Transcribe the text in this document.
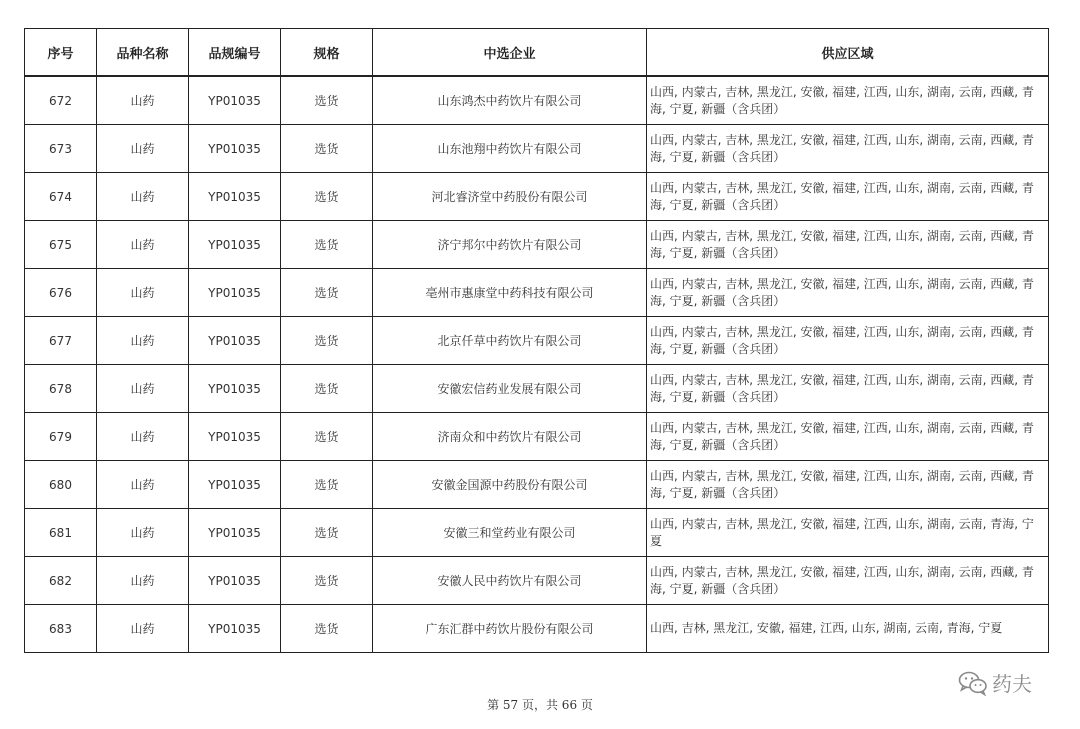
序号	品种名称	品规编号	规格	中选企业	供应区域
672	山药	YP01035	选货	山东鸿杰中药饮片有限公司	山西, 内蒙古, 吉林, 黑龙江, 安徽, 福建, 江西, 山东, 湖南, 云南, 西藏, 青海, 宁夏, 新疆（含兵团）
673	山药	YP01035	选货	山东池翔中药饮片有限公司	山西, 内蒙古, 吉林, 黑龙江, 安徽, 福建, 江西, 山东, 湖南, 云南, 西藏, 青海, 宁夏, 新疆（含兵团）
674	山药	YP01035	选货	河北睿济堂中药股份有限公司	山西, 内蒙古, 吉林, 黑龙江, 安徽, 福建, 江西, 山东, 湖南, 云南, 西藏, 青海, 宁夏, 新疆（含兵团）
675	山药	YP01035	选货	济宁邦尔中药饮片有限公司	山西, 内蒙古, 吉林, 黑龙江, 安徽, 福建, 江西, 山东, 湖南, 云南, 西藏, 青海, 宁夏, 新疆（含兵团）
676	山药	YP01035	选货	亳州市惠康堂中药科技有限公司	山西, 内蒙古, 吉林, 黑龙江, 安徽, 福建, 江西, 山东, 湖南, 云南, 西藏, 青海, 宁夏, 新疆（含兵团）
677	山药	YP01035	选货	北京仟草中药饮片有限公司	山西, 内蒙古, 吉林, 黑龙江, 安徽, 福建, 江西, 山东, 湖南, 云南, 西藏, 青海, 宁夏, 新疆（含兵团）
678	山药	YP01035	选货	安徽宏信药业发展有限公司	山西, 内蒙古, 吉林, 黑龙江, 安徽, 福建, 江西, 山东, 湖南, 云南, 西藏, 青海, 宁夏, 新疆（含兵团）
679	山药	YP01035	选货	济南众和中药饮片有限公司	山西, 内蒙古, 吉林, 黑龙江, 安徽, 福建, 江西, 山东, 湖南, 云南, 西藏, 青海, 宁夏, 新疆（含兵团）
680	山药	YP01035	选货	安徽金国源中药股份有限公司	山西, 内蒙古, 吉林, 黑龙江, 安徽, 福建, 江西, 山东, 湖南, 云南, 西藏, 青海, 宁夏, 新疆（含兵团）
681	山药	YP01035	选货	安徽三和堂药业有限公司	山西, 内蒙古, 吉林, 黑龙江, 安徽, 福建, 江西, 山东, 湖南, 云南, 青海, 宁夏
682	山药	YP01035	选货	安徽人民中药饮片有限公司	山西, 内蒙古, 吉林, 黑龙江, 安徽, 福建, 江西, 山东, 湖南, 云南, 西藏, 青海, 宁夏, 新疆（含兵团）
683	山药	YP01035	选货	广东汇群中药饮片股份有限公司	山西, 吉林, 黑龙江, 安徽, 福建, 江西, 山东, 湖南, 云南, 青海, 宁夏
第 57 页，共 66 页
药夫
